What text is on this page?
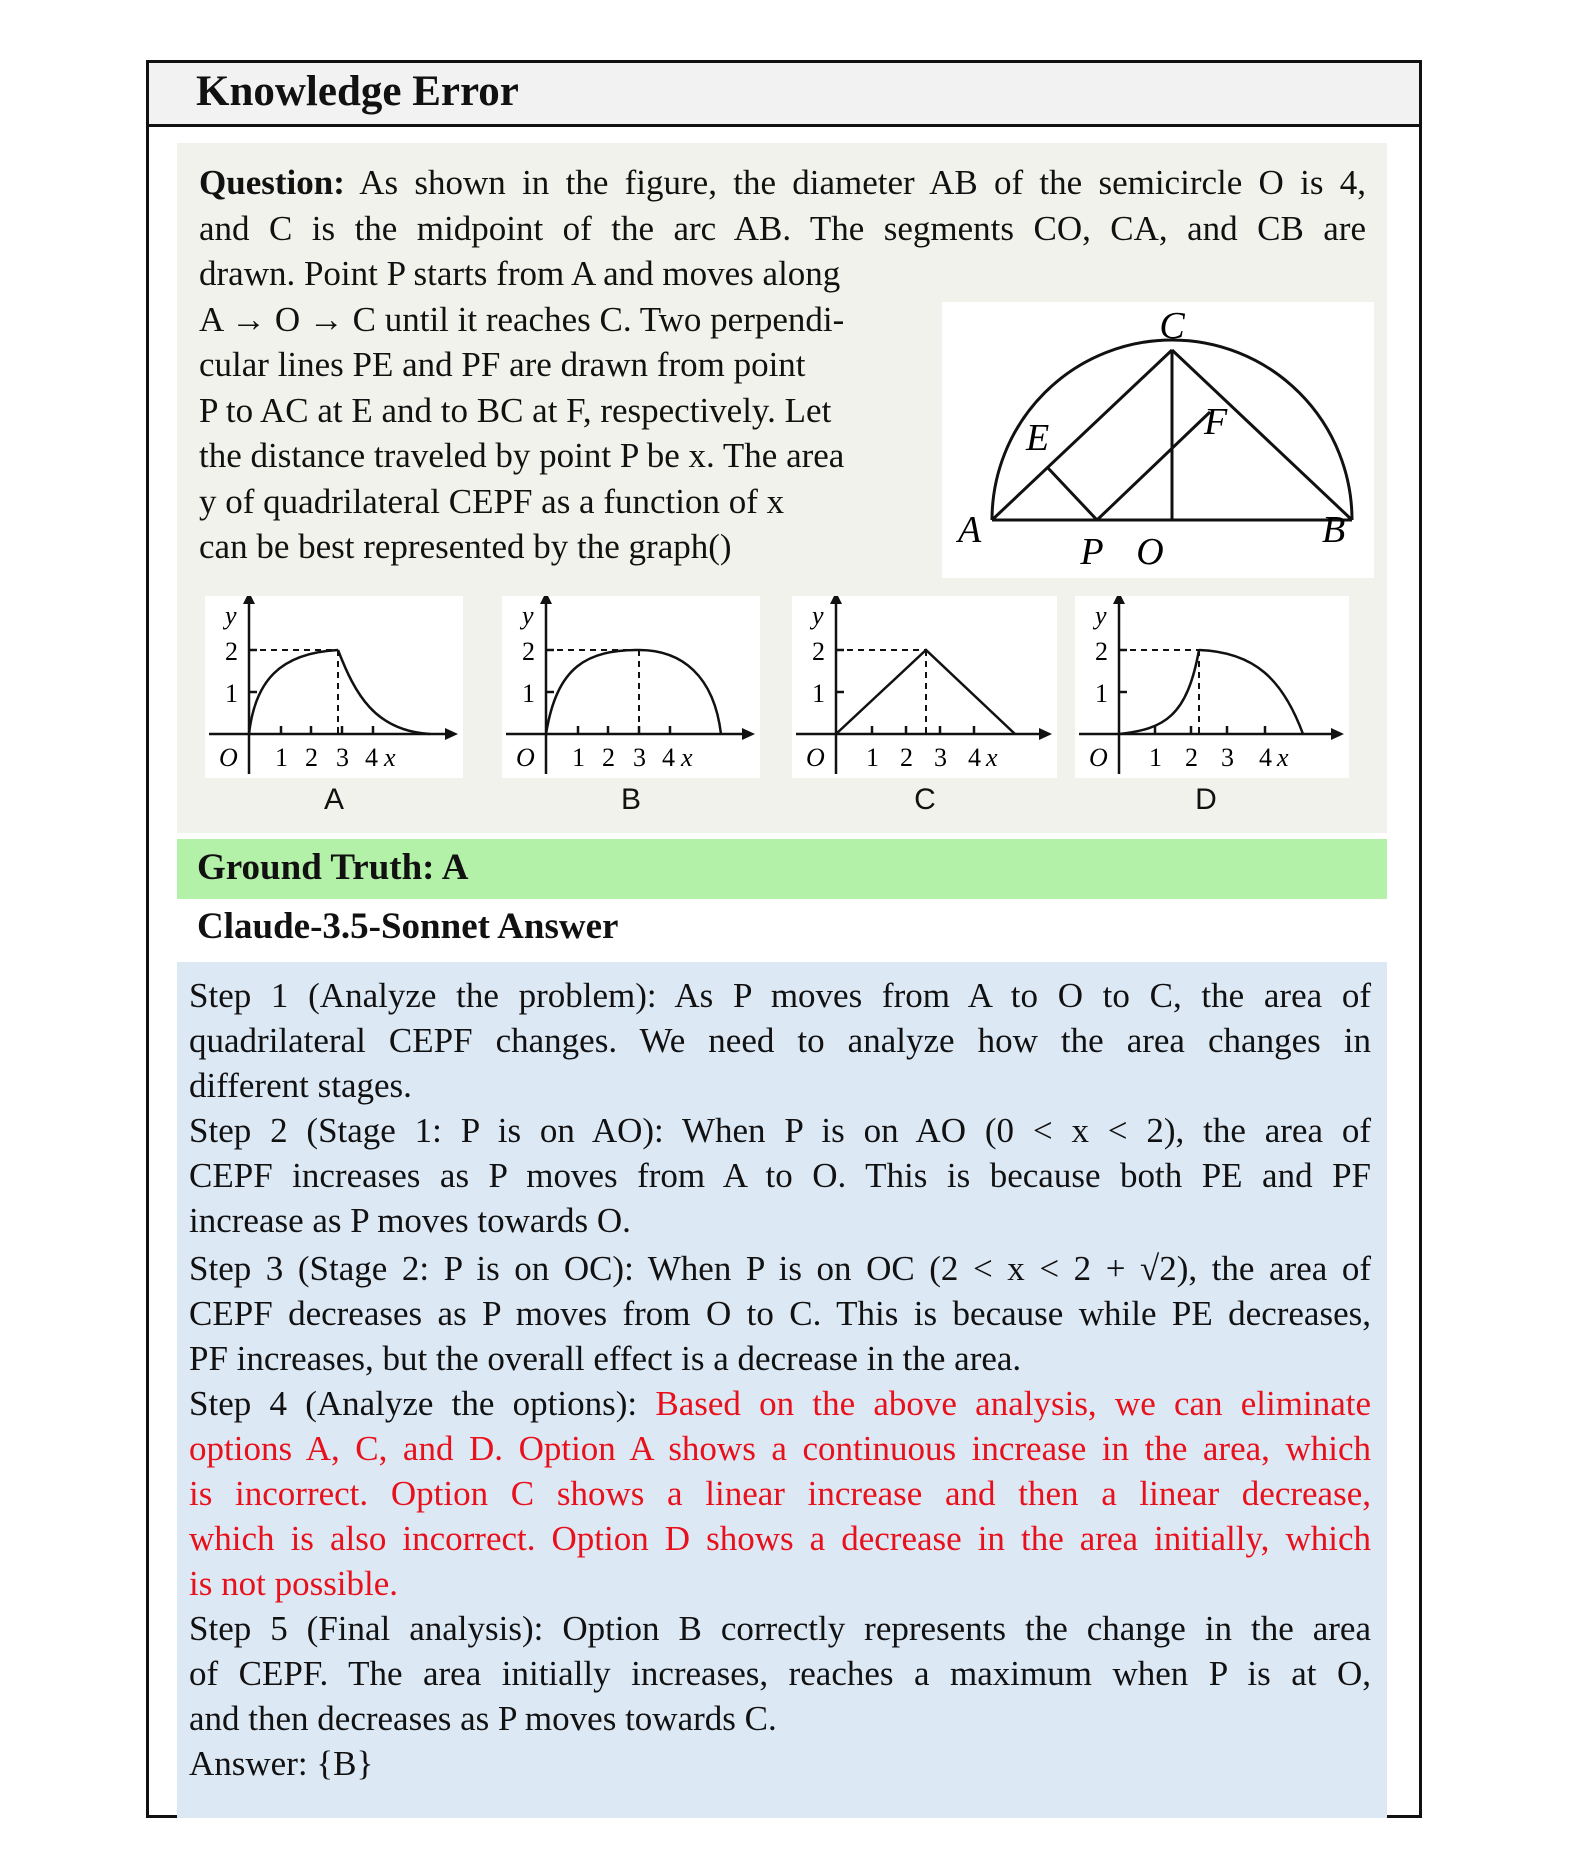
Knowledge Error
Question: As shown in the figure, the diameter AB of the semicircle O is 4,
and C is the midpoint of the arc AB. The segments CO, CA, and CB are
drawn. Point P starts from A and moves along
A → O → C until it reaches C. Two perpendi-
cular lines PE and PF are drawn from point
P to AC at E and to BC at F, respectively. Let
the distance traveled by point P be x. The area
y of quadrilateral CEPF as a function of x
can be best represented by the graph()
C
E	F
A
P O
B
y
2
1
O 1 2 3 4 x
A
y
2
1
O 1 2 3 4 x
B
y
2
1
O 1 2 3 4 x
C
y
2
1
O 1 2 3 4 x
D
Ground Truth: A
Claude-3.5-Sonnet Answer
Step 1 (Analyze the problem): As P moves from A to O to C, the area of
quadrilateral CEPF changes. We need to analyze how the area changes in
different stages.
Step 2 (Stage 1: P is on AO): When P is on AO (0 < x < 2), the area of
CEPF increases as P moves from A to O. This is because both PE and PF
increase as P moves towards O.
Step 3 (Stage 2: P is on OC): When P is on OC (2 < x < 2 + √2), the area of
CEPF decreases as P moves from O to C. This is because while PE decreases,
PF increases, but the overall effect is a decrease in the area.
Step 4 (Analyze the options): Based on the above analysis, we can eliminate
options A, C, and D. Option A shows a continuous increase in the area, which
is incorrect. Option C shows a linear increase and then a linear decrease,
which is also incorrect. Option D shows a decrease in the area initially, which
is not possible.
Step 5 (Final analysis): Option B correctly represents the change in the area
of CEPF. The area initially increases, reaches a maximum when P is at O,
and then decreases as P moves towards C.
Answer: {B}
